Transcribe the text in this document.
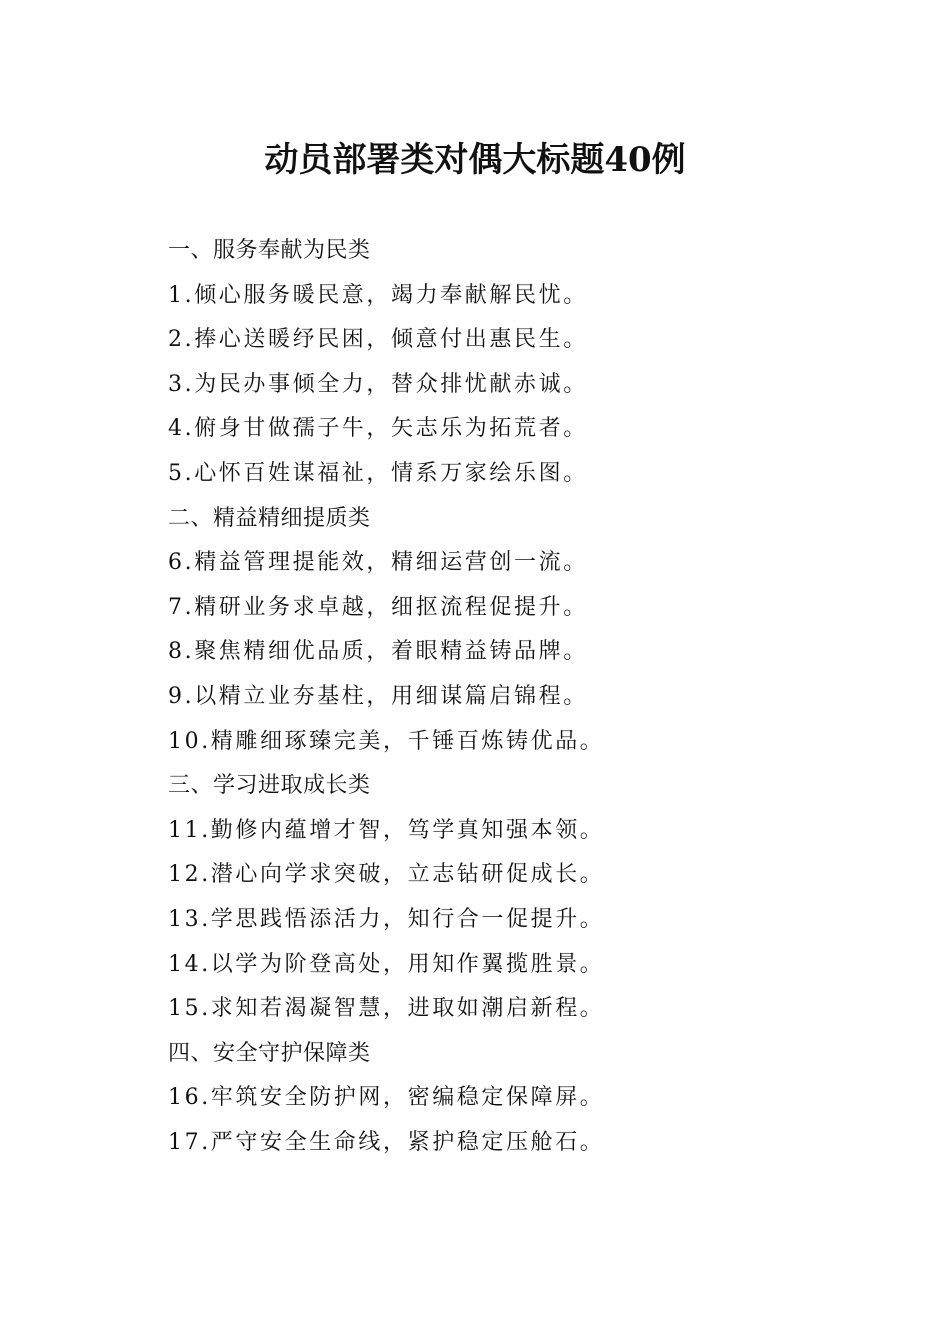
动员部署类对偶大标题40例
一、服务奉献为民类
1.倾心服务暖民意，竭力奉献解民忧。
2.捧心送暖纾民困，倾意付出惠民生。
3.为民办事倾全力，替众排忧献赤诚。
4.俯身甘做孺子牛，矢志乐为拓荒者。
5.心怀百姓谋福祉，情系万家绘乐图。
二、精益精细提质类
6.精益管理提能效，精细运营创一流。
7.精研业务求卓越，细抠流程促提升。
8.聚焦精细优品质，着眼精益铸品牌。
9.以精立业夯基柱，用细谋篇启锦程。
10.精雕细琢臻完美，千锤百炼铸优品。
三、学习进取成长类
11.勤修内蕴增才智，笃学真知强本领。
12.潜心向学求突破，立志钻研促成长。
13.学思践悟添活力，知行合一促提升。
14.以学为阶登高处，用知作翼揽胜景。
15.求知若渴凝智慧，进取如潮启新程。
四、安全守护保障类
16.牢筑安全防护网，密编稳定保障屏。
17.严守安全生命线，紧护稳定压舱石。
